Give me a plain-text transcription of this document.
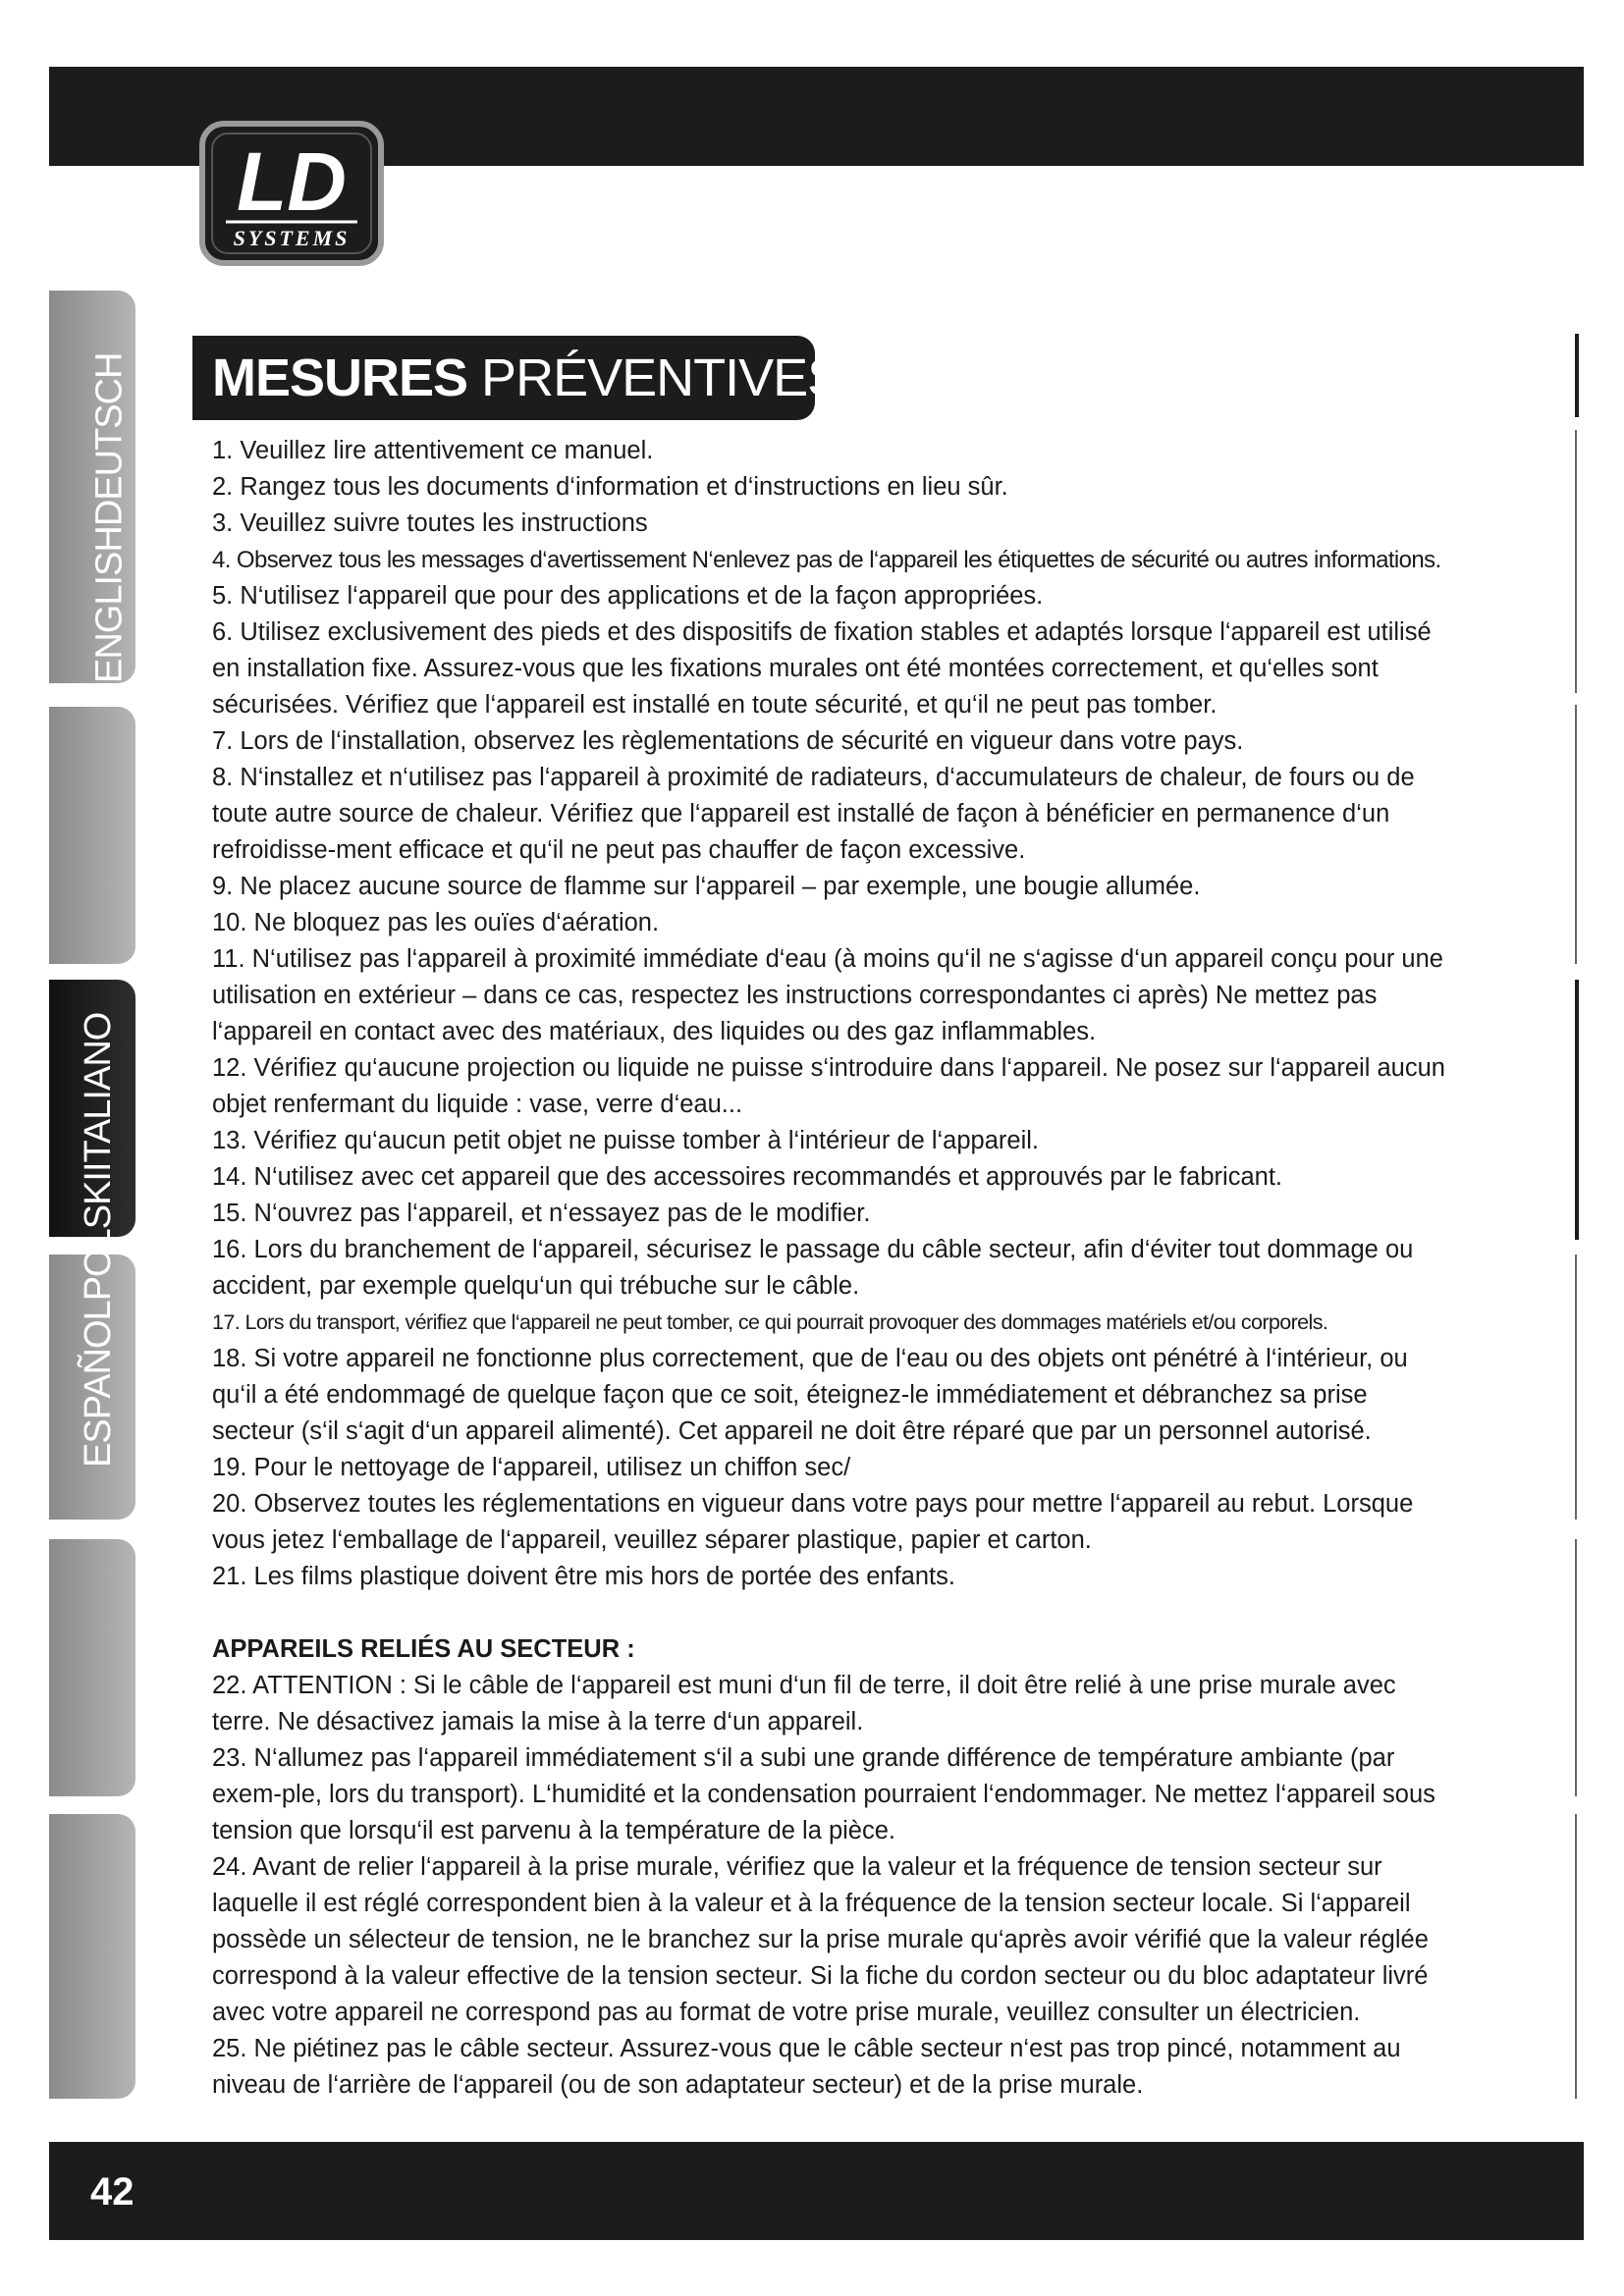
LD
SYSTEMS
ENGLISHDEUTSCH
ESPAÑOLPOLSKIITALIANO
MESURES PRÉVENTIVES :

1. Veuillez lire attentivement ce manuel.

2. Rangez tous les documents d‘information et d‘instructions en lieu sûr.

3. Veuillez suivre toutes les instructions

4. Observez tous les messages d‘avertissement N‘enlevez pas de l‘appareil les étiquettes de sécurité ou autres informations.

5. N‘utilisez l‘appareil que pour des applications et de la façon appropriées.

6. Utilisez exclusivement des pieds et des dispositifs de fixation stables et adaptés lorsque l‘appareil est utilisé en installation fixe. Assurez-vous que les fixations murales ont été montées correctement, et qu‘elles sont sécurisées. Vérifiez que l‘appareil est installé en toute sécurité, et qu‘il ne peut pas tomber.

7. Lors de l‘installation, observez les règlementations de sécurité en vigueur dans votre pays.

8. N‘installez et n‘utilisez pas l‘appareil à proximité de radiateurs, d‘accumulateurs de chaleur, de fours ou de toute autre source de chaleur. Vérifiez que l‘appareil est installé de façon à bénéficier en permanence d‘un refroidisse-ment efficace et qu‘il ne peut pas chauffer de façon excessive.

9. Ne placez aucune source de flamme sur l‘appareil – par exemple, une bougie allumée.

10. Ne bloquez pas les ouïes d‘aération.

11. N‘utilisez pas l‘appareil à proximité immédiate d‘eau (à moins qu‘il ne s‘agisse d‘un appareil conçu pour une utilisation en extérieur – dans ce cas, respectez les instructions correspondantes ci après) Ne mettez pas l‘appareil en contact avec des matériaux, des liquides ou des gaz inflammables.

12. Vérifiez qu‘aucune projection ou liquide ne puisse s‘introduire dans l‘appareil. Ne posez sur l‘appareil aucun objet renfermant du liquide : vase, verre d‘eau...

13. Vérifiez qu‘aucun petit objet ne puisse tomber à l‘intérieur de l‘appareil.

14. N‘utilisez avec cet appareil que des accessoires recommandés et approuvés par le fabricant.

15. N‘ouvrez pas l‘appareil, et n‘essayez pas de le modifier.

16. Lors du branchement de l‘appareil, sécurisez le passage du câble secteur, afin d‘éviter tout dommage ou accident, par exemple quelqu‘un qui trébuche sur le câble.

17. Lors du transport, vérifiez que l‘appareil ne peut tomber, ce qui pourrait provoquer des dommages matériels et/ou corporels.

18. Si votre appareil ne fonctionne plus correctement, que de l‘eau ou des objets ont pénétré à l‘intérieur, ou qu‘il a été endommagé de quelque façon que ce soit, éteignez-le immédiatement et débranchez sa prise secteur (s‘il s‘agit d‘un appareil alimenté). Cet appareil ne doit être réparé que par un personnel autorisé.

19. Pour le nettoyage de l‘appareil, utilisez un chiffon sec/

20. Observez toutes les réglementations en vigueur dans votre pays pour mettre l‘appareil au rebut. Lorsque vous jetez l‘emballage de l‘appareil, veuillez séparer plastique, papier et carton.

21. Les films plastique doivent être mis hors de portée des enfants.

APPAREILS RELIÉS AU SECTEUR :

22. ATTENTION : Si le câble de l‘appareil est muni d‘un fil de terre, il doit être relié à une prise murale avec terre. Ne désactivez jamais la mise à la terre d‘un appareil.

23. N‘allumez pas l‘appareil immédiatement s‘il a subi une grande différence de température ambiante (par exem-ple, lors du transport). L‘humidité et la condensation pourraient l‘endommager. Ne mettez l‘appareil sous tension que lorsqu‘il est parvenu à la température de la pièce.

24. Avant de relier l‘appareil à la prise murale, vérifiez que la valeur et la fréquence de tension secteur sur laquelle il est réglé correspondent bien à la valeur et à la fréquence de la tension secteur locale. Si l‘appareil possède un sélecteur de tension, ne le branchez sur la prise murale qu‘après avoir vérifié que la valeur réglée correspond à la valeur effective de la tension secteur. Si la fiche du cordon secteur ou du bloc adaptateur livré avec votre appareil ne correspond pas au format de votre prise murale, veuillez consulter un électricien.

25. Ne piétinez pas le câble secteur. Assurez-vous que le câble secteur n‘est pas trop pincé, notamment au niveau de l‘arrière de l‘appareil (ou de son adaptateur secteur) et de la prise murale.

42
